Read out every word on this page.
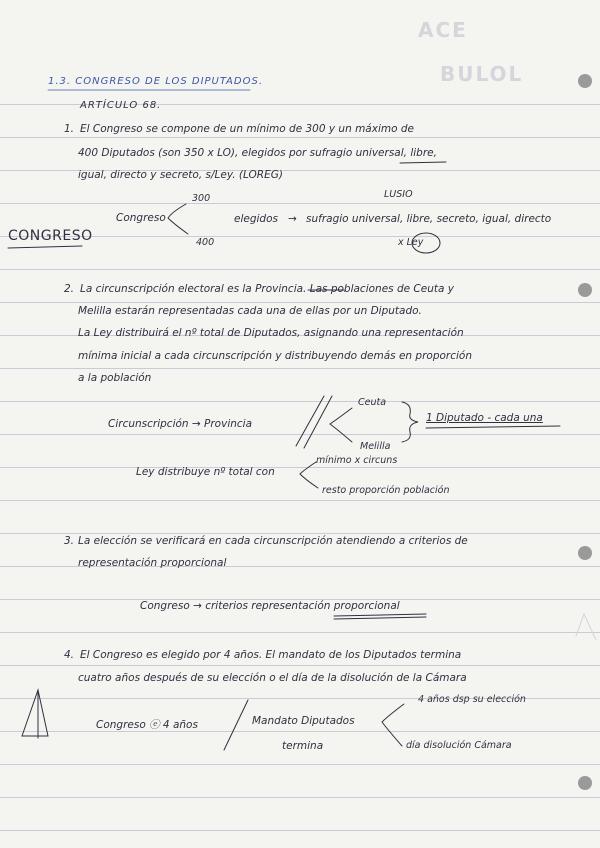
ACE
BULOL
1.3. CONGRESO DE LOS DIPUTADOS.
ARTÍCULO 68.
CONGRESO
1. El Congreso se compone de un mínimo de 300 y un máximo de
400 Diputados (son 350 x LO), elegidos por sufragio universal, libre,
igual, directo y secreto, s/Ley. (LOREG)
LUSIO
300
Congreso	elegidos → sufragio universal, libre, secreto, igual, directo
400	x Ley
2. La circunscripción electoral es la Provincia. Las poblaciones de Ceuta y
Melilla estarán representadas cada una de ellas por un Diputado.
La Ley distribuirá el nº total de Diputados, asignando una representación
mínima inicial a cada circunscripción y distribuyendo demás en proporción
a la población
Ceuta
Circunscripción → Provincia	1 Diputado - cada una
Melilla
mínimo x circuns
Ley distribuye nº total con
resto proporción población
3. La elección se verificará en cada circunscripción atendiendo a criterios de
representación proporcional
Congreso → criterios representación proporcional
4. El Congreso es elegido por 4 años. El mandato de los Diputados termina
cuatro años después de su elección o el día de la disolución de la Cámara
4 años dsp su elección
Congreso ⓔ 4 años	Mandato Diputados
termina	día disolución Cámara
